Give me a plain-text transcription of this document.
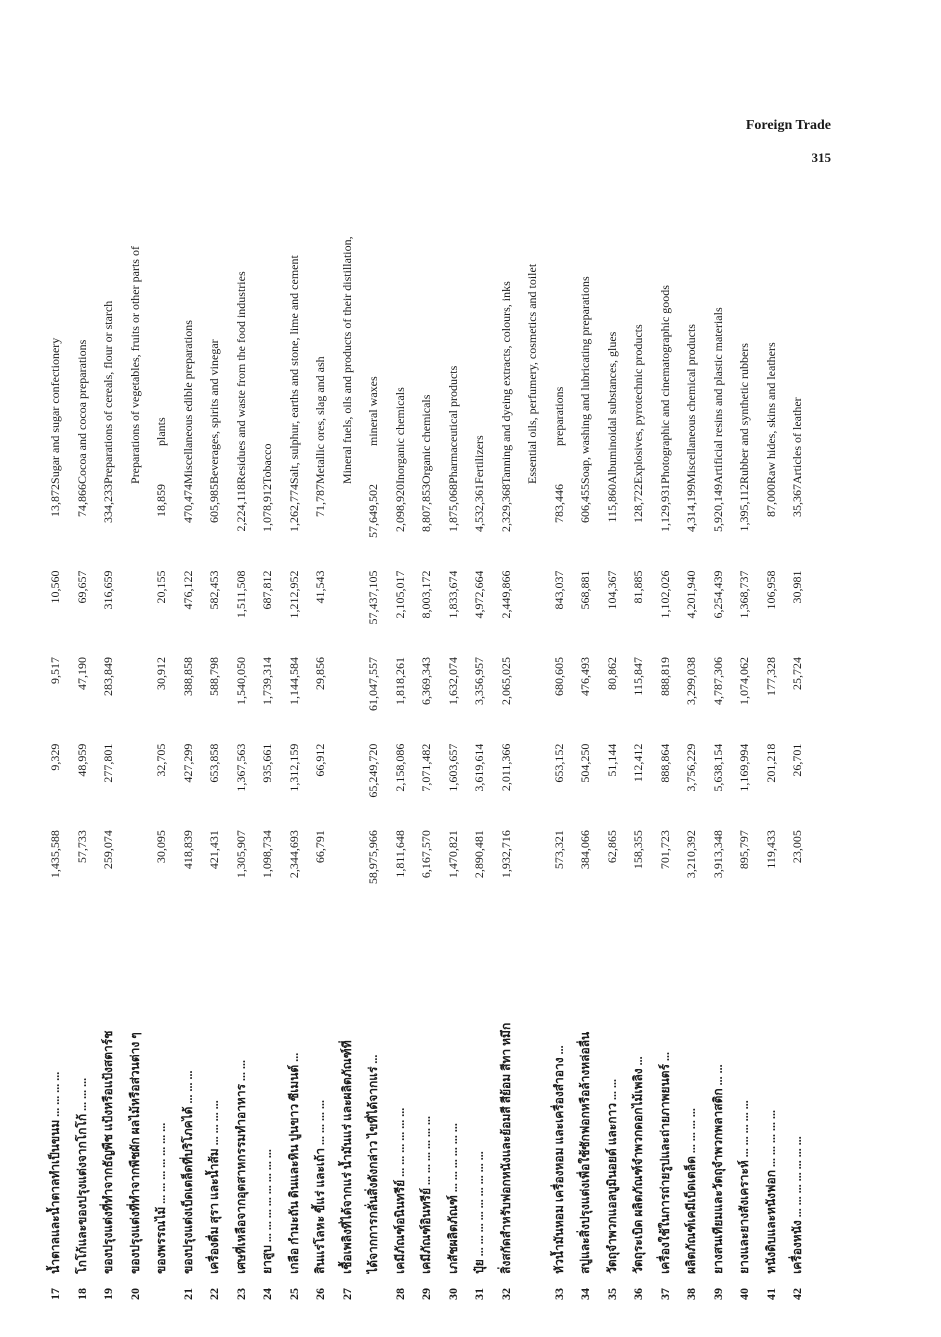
Foreign Trade
315
17	น้ำตาลและน้ำตาลทำเป็นขนม ... ... ... ...	1,435,588	9,329	9,517	10,560	13,872	Sugar and sugar confectionery
18	โกโก้และของปรุงแต่งจากโกโก้ ... ... ...	57,733	48,959	47,190	69,657	74,866	Cocoa and cocoa preparations
19	ของปรุงแต่งที่ทำจากธัญพืช แป้งหรือแป้งสตาร์ช	259,074	277,801	283,849	316,659	334,233	Preparations of cereals, flour or starch
20	ของปรุงแต่งที่ทำจากพืชผัก ผลไม้หรือส่วนต่าง ๆ						Preparations of vegetables, fruits or other parts of
	ของพรรณไม้ ... ... ... ... ... ... ...	30,095	32,705	30,912	20,155	18,859	plants
21	ของปรุงแต่งเบ็ดเตล็ดที่บริโภคได้ ... ... ...	418,839	427,299	388,858	476,122	470,474	Miscellaneous edible preparations
22	เครื่องดื่ม สุรา และน้ำส้ม ... ... ... ...	421,431	653,858	588,798	582,453	605,985	Beverages, spirits and vinegar
23	เศษที่เหลือจากอุตสาหกรรมทำอาหาร ... ...	1,305,907	1,367,563	1,540,050	1,511,508	2,224,118	Residues and waste from the food industries
24	ยาสูบ ... ... ... ... ... ... ... ...	1,098,734	935,661	1,739,314	687,812	1,078,912	Tobacco
25	เกลือ กำมะถัน ดินและหิน ปูนขาว ซีเมนต์ ...	2,344,693	1,312,159	1,144,584	1,212,952	1,262,774	Salt, sulphur, earths and stone, lime and cement
26	สินแร่โลหะ ขี้แร่ และเถ้า ... ... ... ...	66,791	66,912	29,856	41,543	71,787	Metallic ores, slag and ash
27	เชื้อเพลิงที่ได้จากแร่ น้ำมันแร่ และผลิตภัณฑ์ที่						Mineral fuels, oils and products of their distillation,
	ได้จากการกลั่นสิ่งดังกล่าว ไขที่ได้จากแร่ ...	58,975,966	65,249,720	61,047,557	57,437,105	57,649,502	mineral waxes
28	เคมีภัณฑ์อนินทรีย์ ... ... ... ... ... ...	1,811,648	2,158,086	1,818,261	2,105,017	2,098,920	Inorganic chemicals
29	เคมีภัณฑ์อินทรีย์ ... ... ... ... ... ...	6,167,570	7,071,482	6,369,343	8,003,172	8,807,853	Organic chemicals
30	เภสัชผลิตภัณฑ์ ... ... ... ... ... ...	1,470,821	1,603,657	1,632,074	1,833,674	1,875,068	Pharmaceutical products
31	ปุ๋ย ... ... ... ... ... ... ... ... ...	2,890,481	3,619,614	3,356,957	4,972,664	4,532,361	Fertilizers
32	สิ่งสกัดสำหรับฟอกหนังและย้อมสี สีย้อม สีทา หมึก	1,932,716	2,011,366	2,065,025	2,449,866	2,329,368	Tanning and dyeing extracts, colours, inks
							Essential oils, perfumery, cosmetics and toilet
33	หัวน้ำมันหอม เครื่องหอม และเครื่องสำอาง ...	573,321	653,152	680,605	843,037	783,446	preparations
34	สบู่และสิ่งปรุงแต่งเพื่อใช้ซักฟอกหรือล้างหล่อลื่น	384,066	504,250	476,493	568,881	606,455	Soap, washing and lubricating preparations
35	วัตถุจำพวกแอลบูมินอยด์ และกาว ... ...	62,865	51,144	80,862	104,367	115,860	Albuminoidal substances, glues
36	วัตถุระเบิด ผลิตภัณฑ์จำพวกดอกไม้เพลิง ...	158,355	112,412	115,847	81,885	128,722	Explosives, pyrotechnic products
37	เครื่องใช้ในการถ่ายรูปและถ่ายภาพยนตร์ ...	701,723	888,864	888,819	1,102,026	1,129,931	Photographic and cinematographic goods
38	ผลิตภัณฑ์เคมีเบ็ดเตล็ด ... ... ... ...	3,210,392	3,756,229	3,299,038	4,201,940	4,314,199	Miscellaneous chemical products
39	ยางสนเทียมและวัตถุจำพวกพลาสติก ... ...	3,913,348	5,638,154	4,787,306	6,254,439	5,920,149	Artificial resins and plastic materials
40	ยางและยางสังเคราะห์ ... ... ... ... ...	895,797	1,169,994	1,074,062	1,368,737	1,395,112	Rubber and synthetic rubbers
41	หนังดิบและหนังฟอก ... ... ... ... ...	119,433	201,218	177,328	106,958	87,000	Raw hides, skins and leathers
42	เครื่องหนัง ... ... ... ... ... ... ...	23,005	26,701	25,724	30,981	35,367	Articles of leather
